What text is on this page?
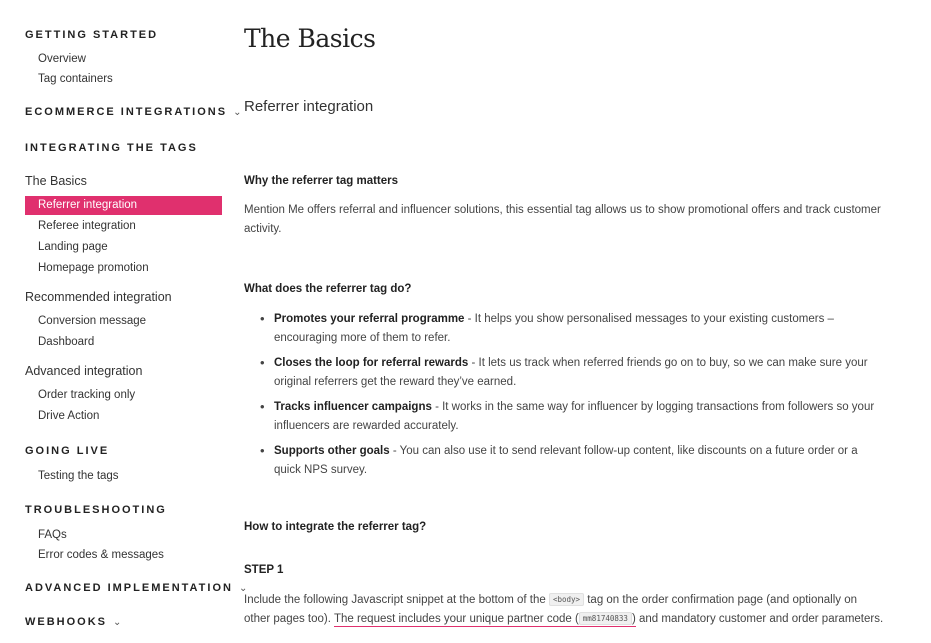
GETTING STARTED
Overview
Tag containers
ECOMMERCE INTEGRATIONS ⌄
INTEGRATING THE TAGS
The Basics
Referrer integration
Referee integration
Landing page
Homepage promotion
Recommended integration
Conversion message
Dashboard
Advanced integration
Order tracking only
Drive Action
GOING LIVE
Testing the tags
TROUBLESHOOTING
FAQs
Error codes & messages
ADVANCED IMPLEMENTATION ⌄
WEBHOOKS ⌄
The Basics
Referrer integration
Why the referrer tag matters
Mention Me offers referral and influencer solutions, this essential tag allows us to show promotional offers and track customer activity.
What does the referrer tag do?
• Promotes your referral programme - It helps you show personalised messages to your existing customers – encouraging more of them to refer.
• Closes the loop for referral rewards - It lets us track when referred friends go on to buy, so we can make sure your original referrers get the reward they’ve earned.
• Tracks influencer campaigns - It works in the same way for influencer by logging transactions from followers so your influencers are rewarded accurately.
• Supports other goals - You can also use it to send relevant follow-up content, like discounts on a future order or a quick NPS survey.
How to integrate the referrer tag?
STEP 1
Include the following Javascript snippet at the bottom of the <body> tag on the order confirmation page (and optionally on other pages too). The request includes your unique partner code ( mm81740833 ) and mandatory customer and order parameters.
